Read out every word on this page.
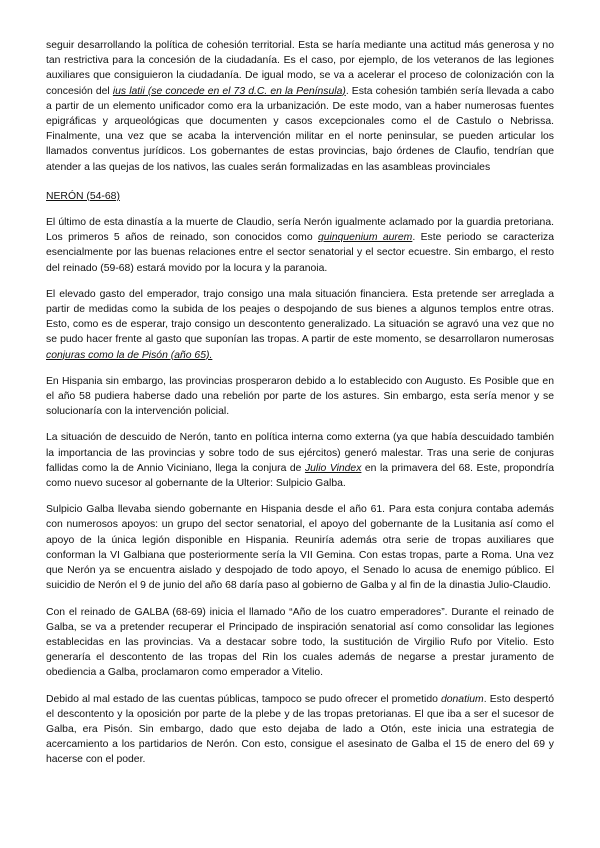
seguir desarrollando la política de cohesión territorial. Esta se haría mediante una actitud más generosa y no tan restrictiva para la concesión de la ciudadanía. Es el caso, por ejemplo, de los veteranos de las legiones auxiliares que consiguieron la ciudadanía. De igual modo, se va a acelerar el proceso de colonización con la concesión del ius latii (se concede en el 73 d.C. en la Península). Esta cohesión también sería llevada a cabo a partir de un elemento unificador como era la urbanización. De este modo, van a haber numerosas fuentes epigráficas y arqueológicas que documenten y casos excepcionales como el de Castulo o Nebrissa. Finalmente, una vez que se acaba la intervención militar en el norte peninsular, se pueden articular los llamados conventus jurídicos. Los gobernantes de estas provincias, bajo órdenes de Claufio, tendrían que atender a las quejas de los nativos, las cuales serán formalizadas en las asambleas provinciales

NERÓN (54-68)

El último de esta dinastía a la muerte de Claudio, sería Nerón igualmente aclamado por la guardia pretoriana. Los primeros 5 años de reinado, son conocidos como quinquenium aurem. Este periodo se caracteriza esencialmente por las buenas relaciones entre el sector senatorial y el sector ecuestre. Sin embargo, el resto del reinado (59-68) estará movido por la locura y la paranoia.

El elevado gasto del emperador, trajo consigo una mala situación financiera. Esta pretende ser arreglada a partir de medidas como la subida de los peajes o despojando de sus bienes a algunos templos entre otras. Esto, como es de esperar, trajo consigo un descontento generalizado. La situación se agravó una vez que no se pudo hacer frente al gasto que suponían las tropas. A partir de este momento, se desarrollaron numerosas conjuras como la de Pisón (año 65).

En Hispania sin embargo, las provincias prosperaron debido a lo establecido con Augusto. Es Posible que en el año 58 pudiera haberse dado una rebelión por parte de los astures. Sin embargo, esta sería menor y se solucionaría con la intervención policial.

La situación de descuido de Nerón, tanto en política interna como externa (ya que había descuidado también la importancia de las provincias y sobre todo de sus ejércitos) generó malestar. Tras una serie de conjuras fallidas como la de Annio Viciniano, llega la conjura de Julio Vindex en la primavera del 68. Este, propondría como nuevo sucesor al gobernante de la Ulterior: Sulpicio Galba.

Sulpicio Galba llevaba siendo gobernante en Hispania desde el año 61. Para esta conjura contaba además con numerosos apoyos: un grupo del sector senatorial, el apoyo del gobernante de la Lusitania así como el apoyo de la única legión disponible en Hispania. Reuniría además otra serie de tropas auxiliares que conforman la VI Galbiana que posteriormente sería la VII Gemina. Con estas tropas, parte a Roma. Una vez que Nerón ya se encuentra aislado y despojado de todo apoyo, el Senado lo acusa de enemigo público. El suicidio de Nerón el 9 de junio del año 68 daría paso al gobierno de Galba y al fin de la dinastia Julio-Claudio.

Con el reinado de GALBA (68-69) inicia el llamado “Año de los cuatro emperadores”. Durante el reinado de Galba, se va a pretender recuperar el Principado de inspiración senatorial así como consolidar las legiones establecidas en las provincias. Va a destacar sobre todo, la sustitución de Virgilio Rufo por Vitelio. Esto generaría el descontento de las tropas del Rin los cuales además de negarse a prestar juramento de obediencia a Galba, proclamaron como emperador a Vitelio.

Debido al mal estado de las cuentas públicas, tampoco se pudo ofrecer el prometido donatium. Esto despertó el descontento y la oposición por parte de la plebe y de las tropas pretorianas. El que iba a ser el sucesor de Galba, era Pisón. Sin embargo, dado que esto dejaba de lado a Otón, este inicia una estrategia de acercamiento a los partidarios de Nerón. Con esto, consigue el asesinato de Galba el 15 de enero del 69 y hacerse con el poder.
